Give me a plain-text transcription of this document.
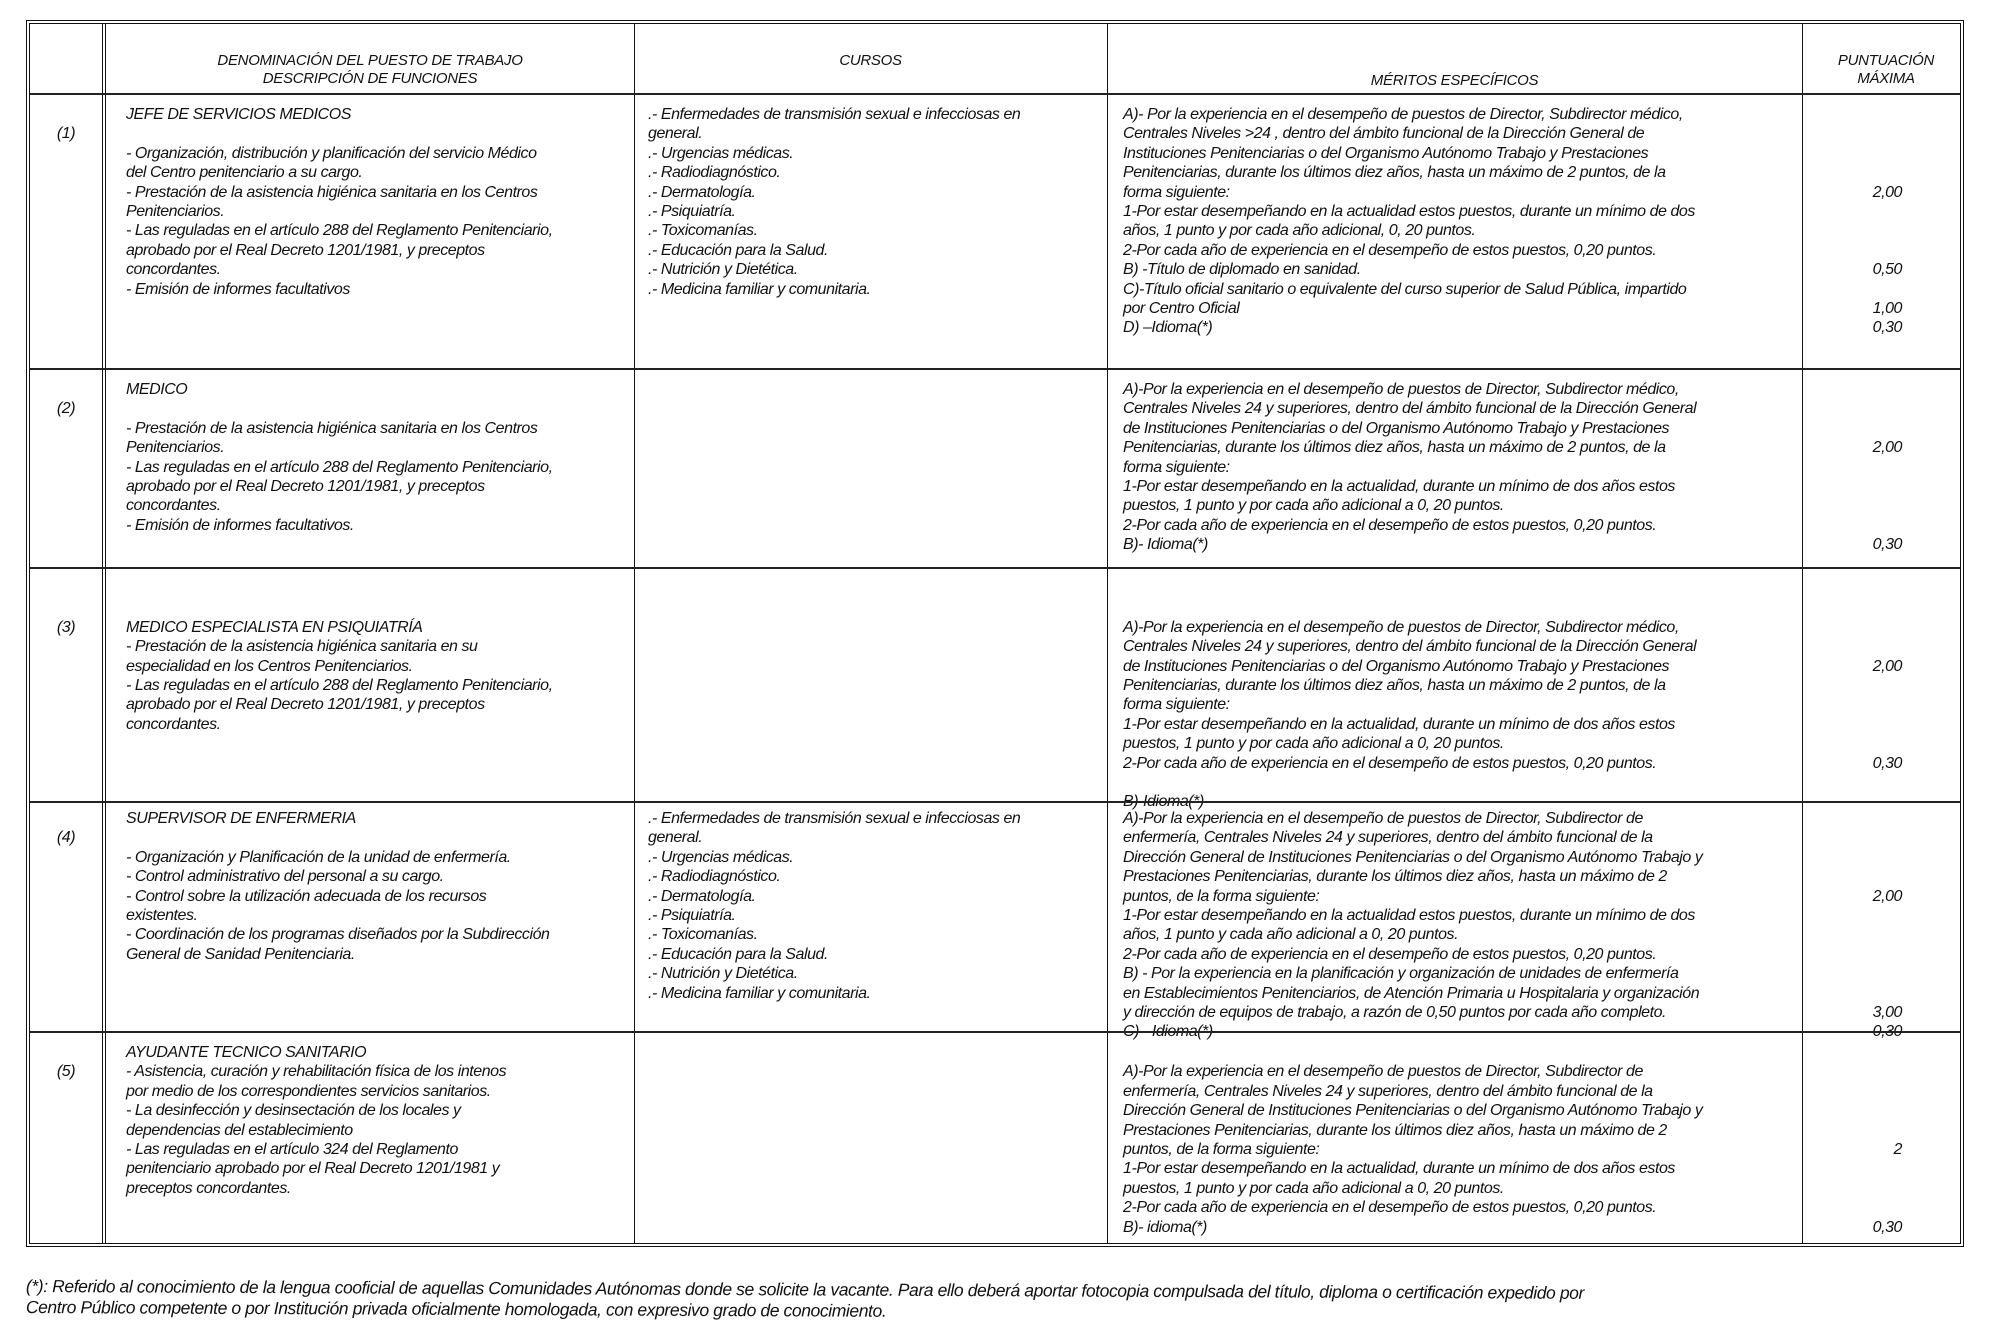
DENOMINACIÓN DEL PUESTO DE TRABAJO
DESCRIPCIÓN DE FUNCIONES
CURSOS
MÉRITOS ESPECÍFICOS
PUNTUACIÓN
MÁXIMA
(1)
JEFE DE SERVICIOS MEDICOS
- Organización, distribución y planificación del servicio Médico
del Centro penitenciario a su cargo.
- Prestación de la asistencia higiénica sanitaria en los Centros
Penitenciarios.
- Las reguladas en el artículo 288 del Reglamento Penitenciario,
aprobado por el Real Decreto 1201/1981, y preceptos
concordantes.
- Emisión de informes facultativos
.- Enfermedades de transmisión sexual e infecciosas en
general.
.- Urgencias médicas.
.- Radiodiagnóstico.
.- Dermatología.
.- Psiquiatría.
.- Toxicomanías.
.- Educación para la Salud.
.- Nutrición y Dietética.
.- Medicina familiar y comunitaria.
A)- Por la experiencia en el desempeño de puestos de Director, Subdirector médico,
Centrales Niveles >24 , dentro del ámbito funcional de la Dirección General de
Instituciones Penitenciarias o del Organismo Autónomo Trabajo y Prestaciones
Penitenciarias, durante los últimos diez años, hasta un máximo de 2 puntos, de la
forma siguiente:
1-Por estar desempeñando en la actualidad estos puestos, durante un mínimo de dos
años, 1 punto y por cada año adicional, 0, 20 puntos.
2-Por cada año de experiencia en el desempeño de estos puestos, 0,20 puntos.
B) -Título de diplomado en sanidad.
C)-Título oficial sanitario o equivalente del curso superior de Salud Pública, impartido
por Centro Oficial
D) –Idioma(*)
2,00
0,50
1,00
0,30
(2)
MEDICO
- Prestación de la asistencia higiénica sanitaria en los Centros
Penitenciarios.
- Las reguladas en el artículo 288 del Reglamento Penitenciario,
aprobado por el Real Decreto 1201/1981, y preceptos
concordantes.
- Emisión de informes facultativos.
A)-Por la experiencia en el desempeño de puestos de Director, Subdirector médico,
Centrales Niveles 24 y superiores, dentro del ámbito funcional de la Dirección General
de Instituciones Penitenciarias o del Organismo Autónomo Trabajo y Prestaciones
Penitenciarias, durante los últimos diez años, hasta un máximo de 2 puntos, de la
forma siguiente:
1-Por estar desempeñando en la actualidad, durante un mínimo de dos años estos
puestos, 1 punto y por cada año adicional a 0, 20 puntos.
2-Por cada año de experiencia en el desempeño de estos puestos, 0,20 puntos.
B)- Idioma(*)
2,00
0,30
(3)	MEDICO ESPECIALISTA EN PSIQUIATRÍA
- Prestación de la asistencia higiénica sanitaria en su
especialidad en los Centros Penitenciarios.
- Las reguladas en el artículo 288 del Reglamento Penitenciario,
aprobado por el Real Decreto 1201/1981, y preceptos
concordantes.
A)-Por la experiencia en el desempeño de puestos de Director, Subdirector médico,
Centrales Niveles 24 y superiores, dentro del ámbito funcional de la Dirección General
de Instituciones Penitenciarias o del Organismo Autónomo Trabajo y Prestaciones
Penitenciarias, durante los últimos diez años, hasta un máximo de 2 puntos, de la
forma siguiente:
1-Por estar desempeñando en la actualidad, durante un mínimo de dos años estos
puestos, 1 punto y por cada año adicional a 0, 20 puntos.
2-Por cada año de experiencia en el desempeño de estos puestos, 0,20 puntos.
B)-Idioma(*)
2,00
0,30
(4)
SUPERVISOR DE ENFERMERIA
- Organización y Planificación de la unidad de enfermería.
- Control administrativo del personal a su cargo.
- Control sobre la utilización adecuada de los recursos
existentes.
- Coordinación de los programas diseñados por la Subdirección
General de Sanidad Penitenciaria.
.- Enfermedades de transmisión sexual e infecciosas en
general.
.- Urgencias médicas.
.- Radiodiagnóstico.
.- Dermatología.
.- Psiquiatría.
.- Toxicomanías.
.- Educación para la Salud.
.- Nutrición y Dietética.
.- Medicina familiar y comunitaria.
A)-Por la experiencia en el desempeño de puestos de Director, Subdirector de
enfermería, Centrales Niveles 24 y superiores, dentro del ámbito funcional de la
Dirección General de Instituciones Penitenciarias o del Organismo Autónomo Trabajo y
Prestaciones Penitenciarias, durante los últimos diez años, hasta un máximo de 2
puntos, de la forma siguiente:
1-Por estar desempeñando en la actualidad estos puestos, durante un mínimo de dos
años, 1 punto y cada año adicional a 0, 20 puntos.
2-Por cada año de experiencia en el desempeño de estos puestos, 0,20 puntos.
B) - Por la experiencia en la planificación y organización de unidades de enfermería
en Establecimientos Penitenciarios, de Atención Primaria u Hospitalaria y organización
y dirección de equipos de trabajo, a razón de 0,50 puntos por cada año completo.
C) - Idioma(*)
2,00
3,00
0,30
(5)
AYUDANTE TECNICO SANITARIO
- Asistencia, curación y rehabilitación física de los intenos
por medio de los correspondientes servicios sanitarios.
- La desinfección y desinsectación de los locales y
dependencias del establecimiento
- Las reguladas en el artículo 324 del Reglamento
penitenciario aprobado por el Real Decreto 1201/1981 y
preceptos concordantes.
A)-Por la experiencia en el desempeño de puestos de Director, Subdirector de
enfermería, Centrales Niveles 24 y superiores, dentro del ámbito funcional de la
Dirección General de Instituciones Penitenciarias o del Organismo Autónomo Trabajo y
Prestaciones Penitenciarias, durante los últimos diez años, hasta un máximo de 2
puntos, de la forma siguiente:
1-Por estar desempeñando en la actualidad, durante un mínimo de dos años estos
puestos, 1 punto y por cada año adicional a 0, 20 puntos.
2-Por cada año de experiencia en el desempeño de estos puestos, 0,20 puntos.
B)- idioma(*)
2
0,30
(*): Referido al conocimiento de la lengua cooficial de aquellas Comunidades Autónomas donde se solicite la vacante. Para ello deberá aportar fotocopia compulsada del título, diploma o certificación expedido por
Centro Público competente o por Institución privada oficialmente homologada, con expresivo grado de conocimiento.
